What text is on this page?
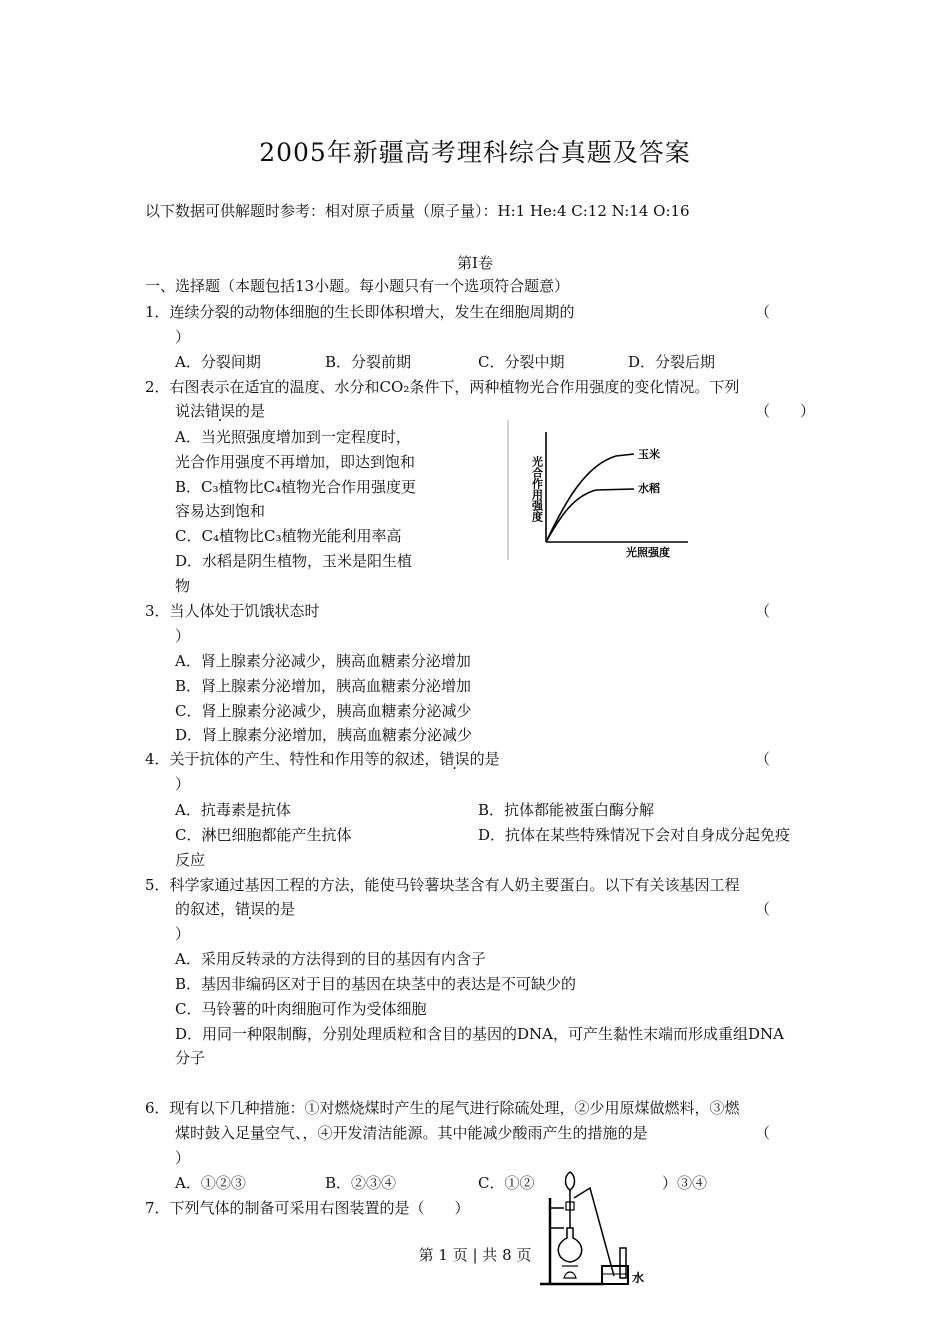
2005年新疆高考理科综合真题及答案
以下数据可供解题时参考：相对原子质量（原子量）：H:1 He:4 C:12 N:14 O:16
第Ⅰ卷
一、选择题（本题包括13小题。每小题只有一个选项符合题意）
1．连续分裂的动物体细胞的生长即体积增大，发生在细胞周期的	（
）
A．分裂间期	B．分裂前期	C．分裂中期	D．分裂后期
2．右图表示在适宜的温度、水分和CO₂条件下，两种植物光合作用强度的变化情况。下列
说法错误的是	（　　）
A．当光照强度增加到一定程度时，
光合作用强度不再增加，即达到饱和
B．C₃植物比C₄植物光合作用强度更
容易达到饱和
C．C₄植物比C₃植物光能利用率高
D．水稻是阴生植物，玉米是阳生植
物
玉米
水稻
光照强度
光合作用强度
3．当人体处于饥饿状态时	（
）
A．肾上腺素分泌减少，胰高血糖素分泌增加
B．肾上腺素分泌增加，胰高血糖素分泌增加
C．肾上腺素分泌减少，胰高血糖素分泌减少
D．肾上腺素分泌增加，胰高血糖素分泌减少
4．关于抗体的产生、特性和作用等的叙述，错误的是	（
）
A．抗毒素是抗体	B．抗体都能被蛋白酶分解
C．淋巴细胞都能产生抗体	D．抗体在某些特殊情况下会对自身成分起免疫
反应
5．科学家通过基因工程的方法，能使马铃薯块茎含有人奶主要蛋白。以下有关该基因工程
的叙述，错误的是	（
）
A．采用反转录的方法得到的目的基因有内含子
B．基因非编码区对于目的基因在块茎中的表达是不可缺少的
C．马铃薯的叶肉细胞可作为受体细胞
D．用同一种限制酶，分别处理质粒和含目的基因的DNA，可产生黏性末端而形成重组DNA
分子
6．现有以下几种措施：①对燃烧煤时产生的尾气进行除硫处理，②少用原煤做燃料，③燃
煤时鼓入足量空气、，④开发清洁能源。其中能减少酸雨产生的措施的是	（
）
A．①②③	B．②③④	C．①②	）③④
7．下列气体的制备可采用右图装置的是（　　）
水
第 1 页 | 共 8 页
